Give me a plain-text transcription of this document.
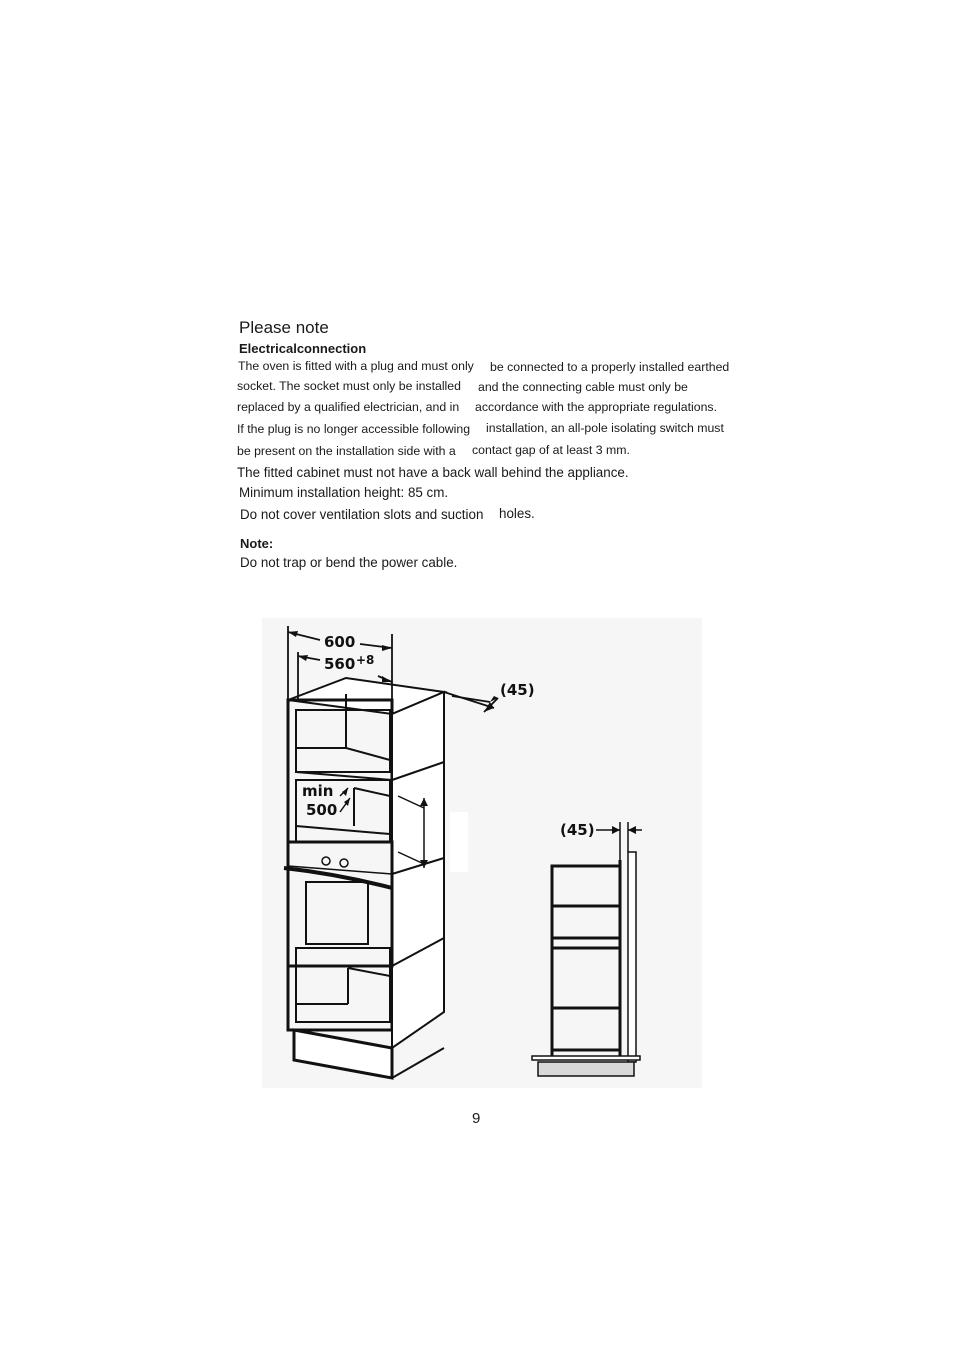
Please note
Electricalconnection
The oven is fitted with a plug and must only be connected to a properly installed earthed
socket. The socket must only be installed and the connecting cable must only be
replaced by a qualified electrician, and in accordance with the appropriate regulations.
If the plug is no longer accessible following installation, an all-pole isolating switch must
be present on the installation side with a contact gap of at least 3 mm.
The fitted cabinet must not have a back wall behind the appliance.
Minimum installation height: 85 cm.
Do not cover ventilation slots and suction holes.
Note:
Do not trap or bend the power cable.
600
560 +8
(45)
min
500
(45)
9
